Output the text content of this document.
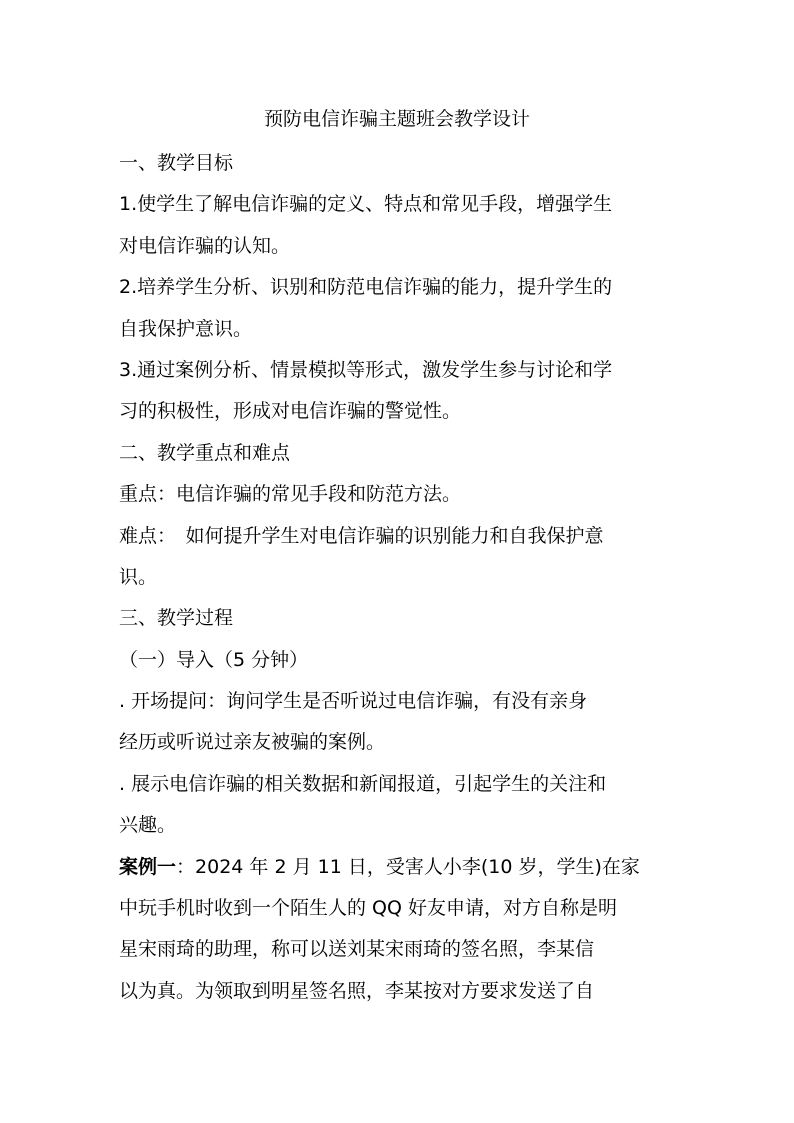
预防电信诈骗主题班会教学设计
一、教学目标
1.使学生了解电信诈骗的定义、特点和常见手段，增强学生
对电信诈骗的认知。
2.培养学生分析、识别和防范电信诈骗的能力，提升学生的
自我保护意识。
3.通过案例分析、情景模拟等形式，激发学生参与讨论和学
习的积极性，形成对电信诈骗的警觉性。
二、教学重点和难点
重点：电信诈骗的常见手段和防范方法。
难点：　如何提升学生对电信诈骗的识别能力和自我保护意
识。
三、教学过程
（一）导入（5 分钟）
. 开场提问：询问学生是否听说过电信诈骗，有没有亲身
经历或听说过亲友被骗的案例。
. 展示电信诈骗的相关数据和新闻报道，引起学生的关注和
兴趣。
案例一：2024 年 2 月 11 日，受害人小李(10 岁，学生)在家
中玩手机时收到一个陌生人的 QQ 好友申请，对方自称是明
星宋雨琦的助理，称可以送刘某宋雨琦的签名照，李某信
以为真。为领取到明星签名照，李某按对方要求发送了自
